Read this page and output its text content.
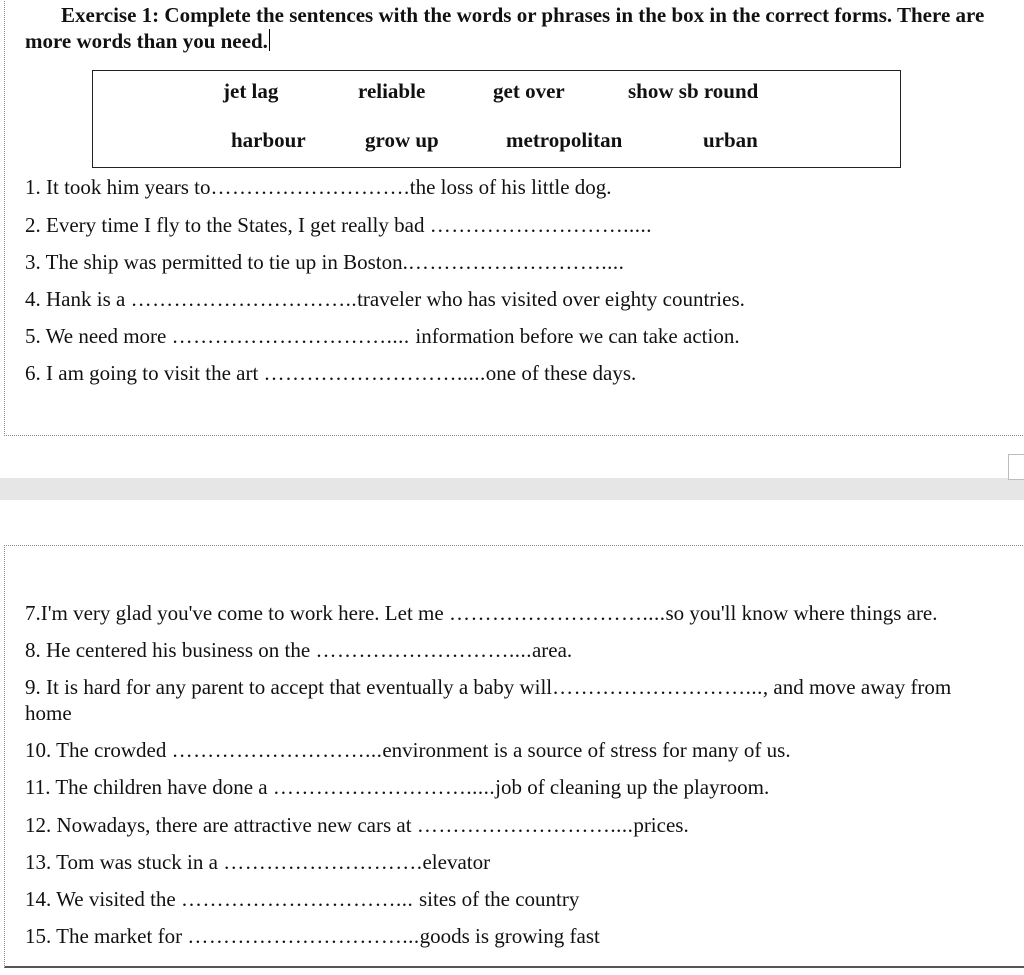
Exercise 1: Complete the sentences with the words or phrases in the box in the correct forms. There are more words than you need.
jet lag	reliable	get over	show sb round
harbour	grow up	metropolitan	urban
1. It took him years to……………………….the loss of his little dog.
2. Every time I fly to the States, I get really bad ……………………….....
3. The ship was permitted to tie up in Boston.………………………....
4. Hank is a …………………………..traveler who has visited over eighty countries.
5. We need more ………………………….... information before we can take action.
6. I am going to visit the art ……………………….....one of these days.
7.I'm very glad you've come to work here. Let me ………………………....so you'll know where things are.
8. He centered his business on the ………………………....area.
9. It is hard for any parent to accept that eventually a baby will………………………..., and move away from home
10. The crowded ………………………...environment is a source of stress for many of us.
11. The children have done a ……………………….....job of cleaning up the playroom.
12. Nowadays, there are attractive new cars at ………………………....prices.
13. Tom was stuck in a ……………………….elevator
14. We visited the …………………………... sites of the country
15. The market for …………………………...goods is growing fast
